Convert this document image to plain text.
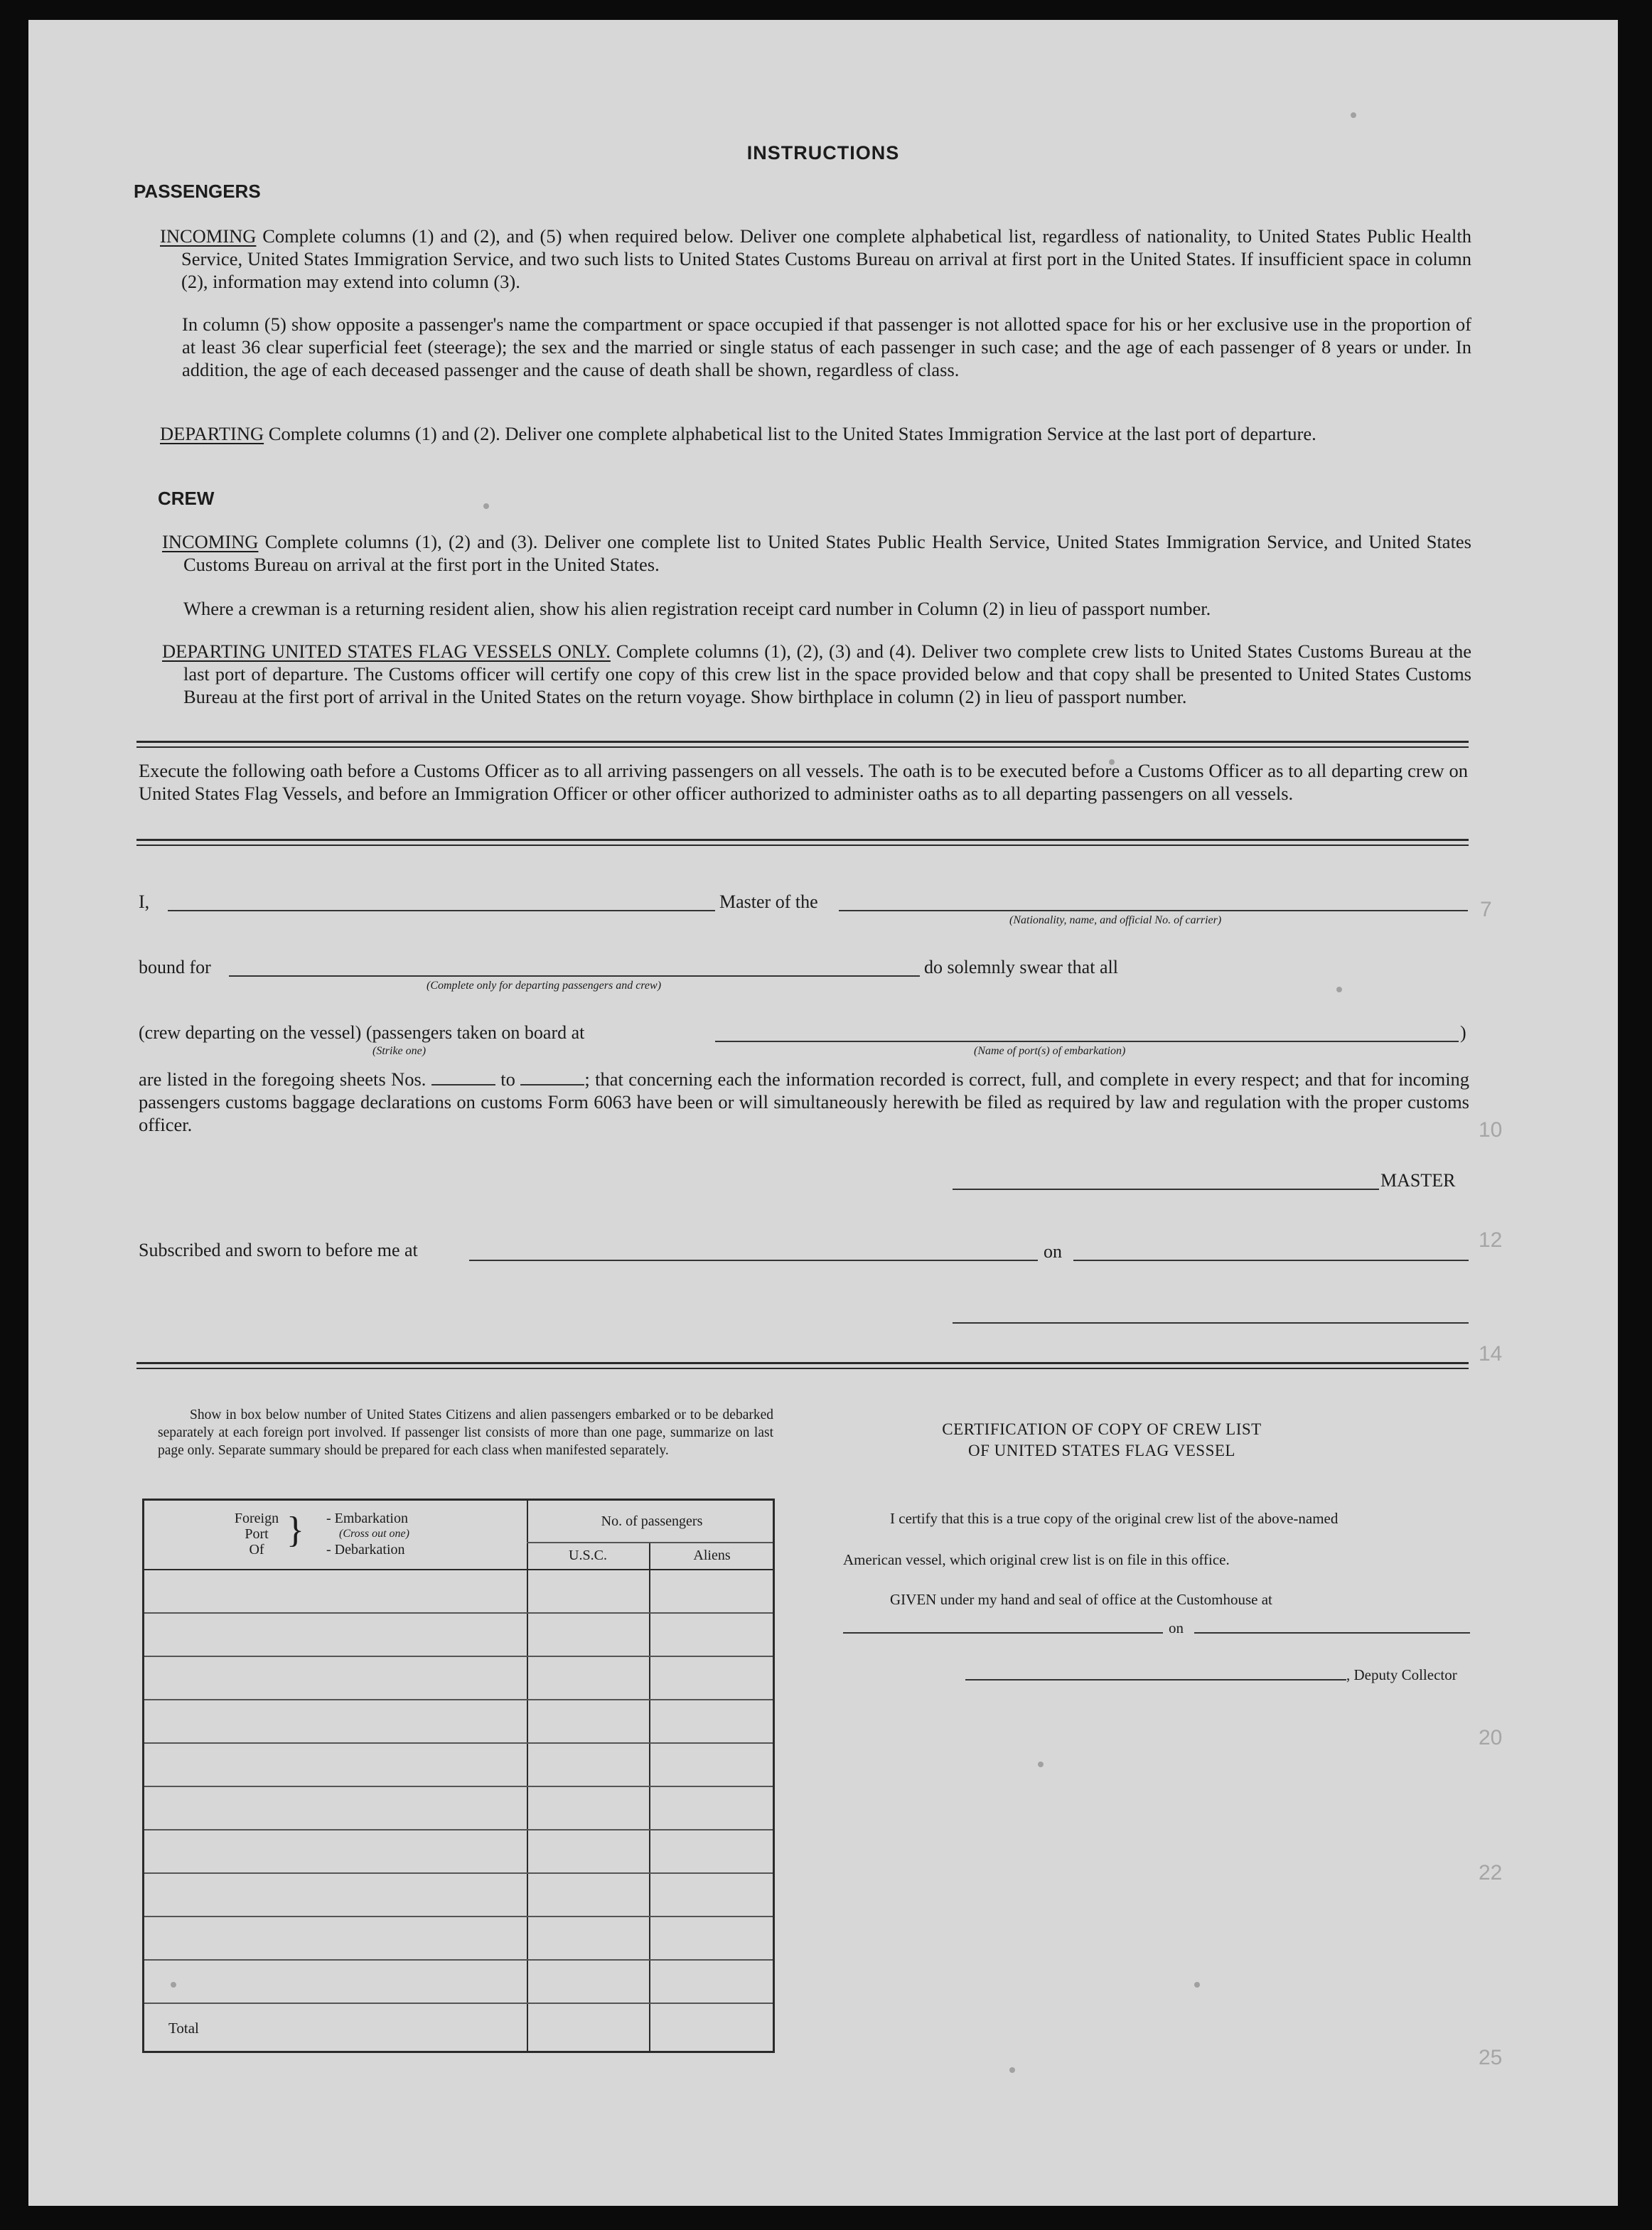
7
10
12
14
20
22
25
INSTRUCTIONS
PASSENGERS
INCOMING Complete columns (1) and (2), and (5) when required below. Deliver one complete alphabetical list, regardless of nationality, to United States Public Health Service, United States Immigration Service, and two such lists to United States Customs Bureau on arrival at first port in the United States. If insufficient space in column (2), information may extend into column (3).
In column (5) show opposite a passenger's name the compartment or space occupied if that passenger is not allotted space for his or her exclusive use in the proportion of at least 36 clear superficial feet (steerage); the sex and the married or single status of each passenger in such case; and the age of each passenger of 8 years or under. In addition, the age of each deceased passenger and the cause of death shall be shown, regardless of class.
DEPARTING Complete columns (1) and (2). Deliver one complete alphabetical list to the United States Immigration Service at the last port of departure.
CREW
INCOMING Complete columns (1), (2) and (3). Deliver one complete list to United States Public Health Service, United States Immigration Service, and United States Customs Bureau on arrival at the first port in the United States.
Where a crewman is a returning resident alien, show his alien registration receipt card number in Column (2) in lieu of passport number.
DEPARTING UNITED STATES FLAG VESSELS ONLY. Complete columns (1), (2), (3) and (4). Deliver two complete crew lists to United States Customs Bureau at the last port of departure. The Customs officer will certify one copy of this crew list in the space provided below and that copy shall be presented to United States Customs Bureau at the first port of arrival in the United States on the return voyage. Show birthplace in column (2) in lieu of passport number.
Execute the following oath before a Customs Officer as to all arriving passengers on all vessels. The oath is to be executed before a Customs Officer as to all departing crew on United States Flag Vessels, and before an Immigration Officer or other officer authorized to administer oaths as to all departing passengers on all vessels.
I,	Master of the
(Nationality, name, and official No. of carrier)
bound for
(Complete only for departing passengers and crew)
do solemnly swear that all
(crew departing on the vessel) (passengers taken on board at
(Strike one)
)
(Name of port(s) of embarkation)
are listed in the foregoing sheets Nos.	to	; that concerning each the information recorded is correct, full, and complete in every respect; and that for incoming passengers customs baggage declarations on customs Form 6063 have been or will simultaneously herewith be filed as required by law and regulation with the proper customs officer.
MASTER
Subscribed and sworn to before me at	on
Show in box below number of United States Citizens and alien passengers embarked or to be debarked separately at each foreign port involved. If passenger list consists of more than one page, summarize on last page only. Separate summary should be prepared for each class when manifested separately.
Foreign
Port
Of } - Embarkation
(Cross out one)
- Debarkation
No. of passengers
U.S.C.	Aliens
Total
CERTIFICATION OF COPY OF CREW LIST
OF UNITED STATES FLAG VESSEL
I certify that this is a true copy of the original crew list of the above-named
American vessel, which original crew list is on file in this office.
GIVEN under my hand and seal of office at the Customhouse at
on
, Deputy Collector
